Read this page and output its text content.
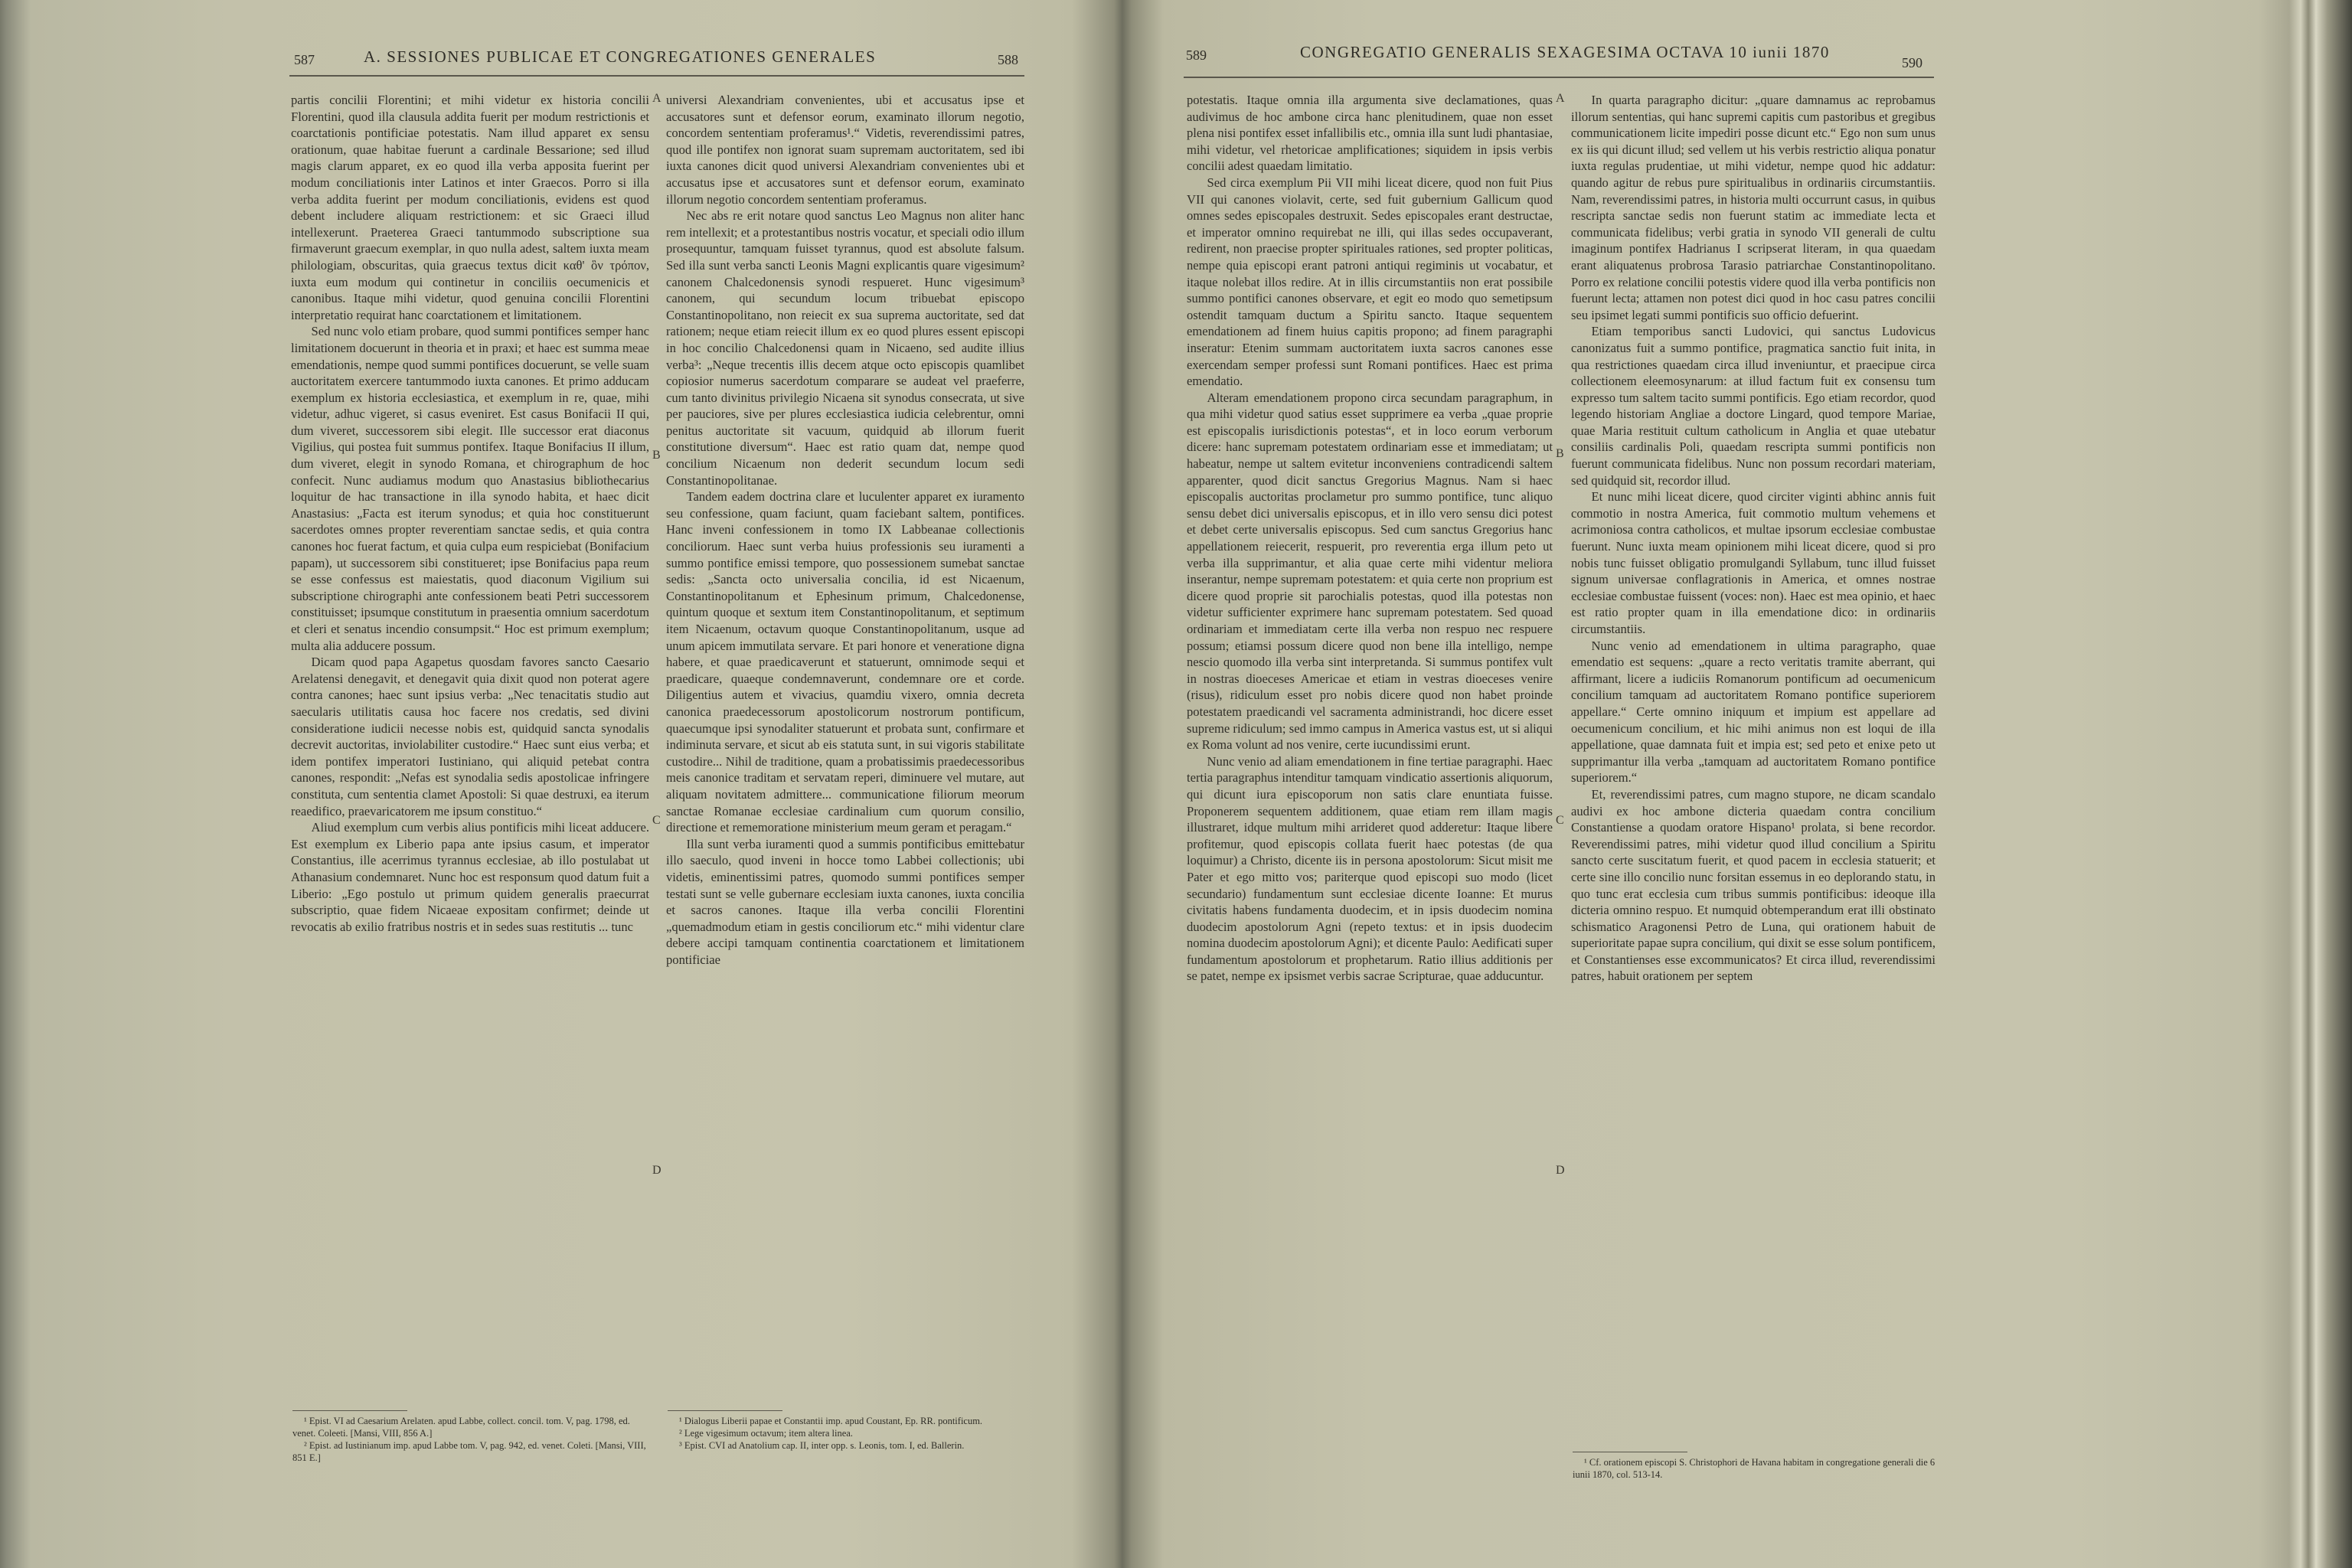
587	A. SESSIONES PUBLICAE ET CONGREGATIONES GENERALES	588

partis concilii Florentini; et mihi videtur ex historia concilii Florentini, quod illa clausula addita fuerit per modum restrictionis et coarctationis pontificiae potestatis. Nam illud apparet ex sensu orationum, quae habitae fuerunt a cardinale Bessarione; sed illud magis clarum apparet, ex eo quod illa verba apposita fuerint per modum conciliationis inter Latinos et inter Graecos. Porro si illa verba addita fuerint per modum conciliationis, evidens est quod debent includere aliquam restrictionem: et sic Graeci illud intellexerunt. Praeterea Graeci tantummodo subscriptione sua firmaverunt graecum exemplar, in quo nulla adest, saltem iuxta meam philologiam, obscuritas, quia graecus textus dicit καθ' ὃν τρόπον, iuxta eum modum qui continetur in conciliis oecumenicis et canonibus. Itaque mihi videtur, quod genuina concilii Florentini interpretatio requirat hanc coarctationem et limitationem.

Sed nunc volo etiam probare, quod summi pontifices semper hanc limitationem docuerunt in theoria et in praxi; et haec est summa meae emendationis, nempe quod summi pontifices docuerunt, se velle suam auctoritatem exercere tantummodo iuxta canones. Et primo adducam exemplum ex historia ecclesiastica, et exemplum in re, quae, mihi videtur, adhuc vigeret, si casus eveniret. Est casus Bonifacii II qui, dum viveret, successorem sibi elegit. Ille successor erat diaconus Vigilius, qui postea fuit summus pontifex. Itaque Bonifacius II illum, dum viveret, elegit in synodo Romana, et chirographum de hoc confecit. Nunc audiamus modum quo Anastasius bibliothecarius loquitur de hac transactione in illa synodo habita, et haec dicit Anastasius: „Facta est iterum synodus; et quia hoc constituerunt sacerdotes omnes propter reverentiam sanctae sedis, et quia contra canones hoc fuerat factum, et quia culpa eum respiciebat (Bonifacium papam), ut successorem sibi constitueret; ipse Bonifacius papa reum se esse confessus est maiestatis, quod diaconum Vigilium sui subscriptione chirographi ante confessionem beati Petri successorem constituisset; ipsumque constitutum in praesentia omnium sacerdotum et cleri et senatus incendio consumpsit.“ Hoc est primum exemplum; multa alia adducere possum.

Dicam quod papa Agapetus quosdam favores sancto Caesario Arelatensi denegavit, et denegavit quia dixit quod non poterat agere contra canones; haec sunt ipsius verba: „Nec tenacitatis studio aut saecularis utilitatis causa hoc facere nos credatis, sed divini consideratione iudicii necesse nobis est, quidquid sancta synodalis decrevit auctoritas, inviolabiliter custodire.“ Haec sunt eius verba; et idem pontifex imperatori Iustiniano, qui aliquid petebat contra canones, respondit: „Nefas est synodalia sedis apostolicae infringere constituta, cum sententia clamet Apostoli: Si quae destruxi, ea iterum reaedifico, praevaricatorem me ipsum constituo.“

Aliud exemplum cum verbis alius pontificis mihi liceat adducere. Est exemplum ex Liberio papa ante ipsius casum, et imperator Constantius, ille acerrimus tyrannus ecclesiae, ab illo postulabat ut Athanasium condemnaret. Nunc hoc est responsum quod datum fuit a Liberio: „Ego postulo ut primum quidem generalis praecurrat subscriptio, quae fidem Nicaeae expositam confirmet; deinde ut revocatis ab exilio fratribus nostris et in sedes suas restitutis ... tunc

¹ Epist. VI ad Caesarium Arelaten. apud Labbe, collect. concil. tom. V, pag. 1798, ed. venet. Coleeti. [Mansi, VIII, 856 A.]

² Epist. ad Iustinianum imp. apud Labbe tom. V, pag. 942, ed. venet. Coleti. [Mansi, VIII, 851 E.]

A
B
C
D

universi Alexandriam convenientes, ubi et accusatus ipse et accusatores sunt et defensor eorum, examinato illorum negotio, concordem sententiam proferamus¹.“ Videtis, reverendissimi patres, quod ille pontifex non ignorat suam supremam auctoritatem, sed ibi iuxta canones dicit quod universi Alexandriam convenientes ubi et accusatus ipse et accusatores sunt et defensor eorum, examinato illorum negotio concordem sententiam proferamus.

Nec abs re erit notare quod sanctus Leo Magnus non aliter hanc rem intellexit; et a protestantibus nostris vocatur, et speciali odio illum prosequuntur, tamquam fuisset tyrannus, quod est absolute falsum. Sed illa sunt verba sancti Leonis Magni explicantis quare vigesimum² canonem Chalcedonensis synodi respueret. Hunc vigesimum³ canonem, qui secundum locum tribuebat episcopo Constantinopolitano, non reiecit ex sua suprema auctoritate, sed dat rationem; neque etiam reiecit illum ex eo quod plures essent episcopi in hoc concilio Chalcedonensi quam in Nicaeno, sed audite illius verba³: „Neque trecentis illis decem atque octo episcopis quamlibet copiosior numerus sacerdotum comparare se audeat vel praeferre, cum tanto divinitus privilegio Nicaena sit synodus consecrata, ut sive per pauciores, sive per plures ecclesiastica iudicia celebrentur, omni penitus auctoritate sit vacuum, quidquid ab illorum fuerit constitutione diversum“. Haec est ratio quam dat, nempe quod concilium Nicaenum non dederit secundum locum sedi Constantinopolitanae.

Tandem eadem doctrina clare et luculenter apparet ex iuramento seu confessione, quam faciunt, quam faciebant saltem, pontifices. Hanc inveni confessionem in tomo IX Labbeanae collectionis conciliorum. Haec sunt verba huius professionis seu iuramenti a summo pontifice emissi tempore, quo possessionem sumebat sanctae sedis: „Sancta octo universalia concilia, id est Nicaenum, Constantinopolitanum et Ephesinum primum, Chalcedonense, quintum quoque et sextum item Constantinopolitanum, et septimum item Nicaenum, octavum quoque Constantinopolitanum, usque ad unum apicem immutilata servare. Et pari honore et veneratione digna habere, et quae praedicaverunt et statuerunt, omnimode sequi et praedicare, quaeque condemnaverunt, condemnare ore et corde. Diligentius autem et vivacius, quamdiu vixero, omnia decreta canonica praedecessorum apostolicorum nostrorum pontificum, quaecumque ipsi synodaliter statuerunt et probata sunt, confirmare et indiminuta servare, et sicut ab eis statuta sunt, in sui vigoris stabilitate custodire... Nihil de traditione, quam a probatissimis praedecessoribus meis canonice traditam et servatam reperi, diminuere vel mutare, aut aliquam novitatem admittere... communicatione filiorum meorum sanctae Romanae ecclesiae cardinalium cum quorum consilio, directione et rememoratione ministerium meum geram et peragam.“

Illa sunt verba iuramenti quod a summis pontificibus emittebatur illo saeculo, quod inveni in hocce tomo Labbei collectionis; ubi videtis, eminentissimi patres, quomodo summi pontifices semper testati sunt se velle gubernare ecclesiam iuxta canones, iuxta concilia et sacros canones. Itaque illa verba concilii Florentini „quemadmodum etiam in gestis conciliorum etc.“ mihi videntur clare debere accipi tamquam continentia coarctationem et limitationem pontificiae

¹ Dialogus Liberii papae et Constantii imp. apud Coustant, Ep. RR. pontificum.

² Lege vigesimum octavum; item altera linea.

³ Epist. CVI ad Anatolium cap. II, inter opp. s. Leonis, tom. I, ed. Ballerin.

589	CONGREGATIO GENERALIS SEXAGESIMA OCTAVA 10 iunii 1870
590

potestatis. Itaque omnia illa argumenta sive declamationes, quas audivimus de hoc ambone circa hanc plenitudinem, quae non esset plena nisi pontifex esset infallibilis etc., omnia illa sunt ludi phantasiae, mihi videtur, vel rhetoricae amplificationes; siquidem in ipsis verbis concilii adest quaedam limitatio.

Sed circa exemplum Pii VII mihi liceat dicere, quod non fuit Pius VII qui canones violavit, certe, sed fuit gubernium Gallicum quod omnes sedes episcopales destruxit. Sedes episcopales erant destructae, et imperator omnino requirebat ne illi, qui illas sedes occupaverant, redirent, non praecise propter spirituales rationes, sed propter politicas, nempe quia episcopi erant patroni antiqui regiminis ut vocabatur, et itaque nolebat illos redire. At in illis circumstantiis non erat possibile summo pontifici canones observare, et egit eo modo quo semetipsum ostendit tamquam ductum a Spiritu sancto. Itaque sequentem emendationem ad finem huius capitis propono; ad finem paragraphi inseratur: Etenim summam auctoritatem iuxta sacros canones esse exercendam semper professi sunt Romani pontifices. Haec est prima emendatio.

Alteram emendationem propono circa secundam paragraphum, in qua mihi videtur quod satius esset supprimere ea verba „quae proprie est episcopalis iurisdictionis potestas“, et in loco eorum verborum dicere: hanc supremam potestatem ordinariam esse et immediatam; ut habeatur, nempe ut saltem evitetur inconveniens contradicendi saltem apparenter, quod dicit sanctus Gregorius Magnus. Nam si haec episcopalis auctoritas proclametur pro summo pontifice, tunc aliquo sensu debet dici universalis episcopus, et in illo vero sensu dici potest et debet certe universalis episcopus. Sed cum sanctus Gregorius hanc appellationem reiecerit, respuerit, pro reverentia erga illum peto ut verba illa supprimantur, et alia quae certe mihi videntur meliora inserantur, nempe supremam potestatem: et quia certe non proprium est dicere quod proprie sit parochialis potestas, quod illa potestas non videtur sufficienter exprimere hanc supremam potestatem. Sed quoad ordinariam et immediatam certe illa verba non respuo nec respuere possum; etiamsi possum dicere quod non bene illa intelligo, nempe nescio quomodo illa verba sint interpretanda. Si summus pontifex vult in nostras dioeceses Americae et etiam in vestras dioeceses venire (risus), ridiculum esset pro nobis dicere quod non habet proinde potestatem praedicandi vel sacramenta administrandi, hoc dicere esset supreme ridiculum; sed immo campus in America vastus est, ut si aliqui ex Roma volunt ad nos venire, certe iucundissimi erunt.

Nunc venio ad aliam emendationem in fine tertiae paragraphi. Haec tertia paragraphus intenditur tamquam vindicatio assertionis aliquorum, qui dicunt iura episcoporum non satis clare enuntiata fuisse. Proponerem sequentem additionem, quae etiam rem illam magis illustraret, idque multum mihi arrideret quod adderetur: Itaque libere profitemur, quod episcopis collata fuerit haec potestas (de qua loquimur) a Christo, dicente iis in persona apostolorum: Sicut misit me Pater et ego mitto vos; pariterque quod episcopi suo modo (licet secundario) fundamentum sunt ecclesiae dicente Ioanne: Et murus civitatis habens fundamenta duodecim, et in ipsis duodecim nomina duodecim apostolorum Agni (repeto textus: et in ipsis duodecim nomina duodecim apostolorum Agni); et dicente Paulo: Aedificati super fundamentum apostolorum et prophetarum. Ratio illius additionis per se patet, nempe ex ipsismet verbis sacrae Scripturae, quae adducuntur.

A
B
C
D

In quarta paragrapho dicitur: „quare damnamus ac reprobamus illorum sententias, qui hanc supremi capitis cum pastoribus et gregibus communicationem licite impediri posse dicunt etc.“ Ego non sum unus ex iis qui dicunt illud; sed vellem ut his verbis restrictio aliqua ponatur iuxta regulas prudentiae, ut mihi videtur, nempe quod hic addatur: quando agitur de rebus pure spiritualibus in ordinariis circumstantiis. Nam, reverendissimi patres, in historia multi occurrunt casus, in quibus rescripta sanctae sedis non fuerunt statim ac immediate lecta et communicata fidelibus; verbi gratia in synodo VII generali de cultu imaginum pontifex Hadrianus I scripserat literam, in qua quaedam erant aliquatenus probrosa Tarasio patriarchae Constantinopolitano. Porro ex relatione concilii potestis videre quod illa verba pontificis non fuerunt lecta; attamen non potest dici quod in hoc casu patres concilii seu ipsimet legati summi pontificis suo officio defuerint.

Etiam temporibus sancti Ludovici, qui sanctus Ludovicus canonizatus fuit a summo pontifice, pragmatica sanctio fuit inita, in qua restrictiones quaedam circa illud inveniuntur, et praecipue circa collectionem eleemosynarum: at illud factum fuit ex consensu tum expresso tum saltem tacito summi pontificis. Ego etiam recordor, quod legendo historiam Angliae a doctore Lingard, quod tempore Mariae, quae Maria restituit cultum catholicum in Anglia et quae utebatur consiliis cardinalis Poli, quaedam rescripta summi pontificis non fuerunt communicata fidelibus. Nunc non possum recordari materiam, sed quidquid sit, recordor illud.

Et nunc mihi liceat dicere, quod circiter viginti abhinc annis fuit commotio in nostra America, fuit commotio multum vehemens et acrimoniosa contra catholicos, et multae ipsorum ecclesiae combustae fuerunt. Nunc iuxta meam opinionem mihi liceat dicere, quod si pro nobis tunc fuisset obligatio promulgandi Syllabum, tunc illud fuisset signum universae conflagrationis in America, et omnes nostrae ecclesiae combustae fuissent (voces: non). Haec est mea opinio, et haec est ratio propter quam in illa emendatione dico: in ordinariis circumstantiis.

Nunc venio ad emendationem in ultima paragrapho, quae emendatio est sequens: „quare a recto veritatis tramite aberrant, qui affirmant, licere a iudiciis Romanorum pontificum ad oecumenicum concilium tamquam ad auctoritatem Romano pontifice superiorem appellare.“ Certe omnino iniquum et impium est appellare ad oecumenicum concilium, et hic mihi animus non est loqui de illa appellatione, quae damnata fuit et impia est; sed peto et enixe peto ut supprimantur illa verba „tamquam ad auctoritatem Romano pontifice superiorem.“

Et, reverendissimi patres, cum magno stupore, ne dicam scandalo audivi ex hoc ambone dicteria quaedam contra concilium Constantiense a quodam oratore Hispano¹ prolata, si bene recordor. Reverendissimi patres, mihi videtur quod illud concilium a Spiritu sancto certe suscitatum fuerit, et quod pacem in ecclesia statuerit; et certe sine illo concilio nunc forsitan essemus in eo deplorando statu, in quo tunc erat ecclesia cum tribus summis pontificibus: ideoque illa dicteria omnino respuo. Et numquid obtemperandum erat illi obstinato schismatico Aragonensi Petro de Luna, qui orationem habuit de superioritate papae supra concilium, qui dixit se esse solum pontificem, et Constantienses esse excommunicatos? Et circa illud, reverendissimi patres, habuit orationem per septem

¹ Cf. orationem episcopi S. Christophori de Havana habitam in congregatione generali die 6 iunii 1870, col. 513-14.
